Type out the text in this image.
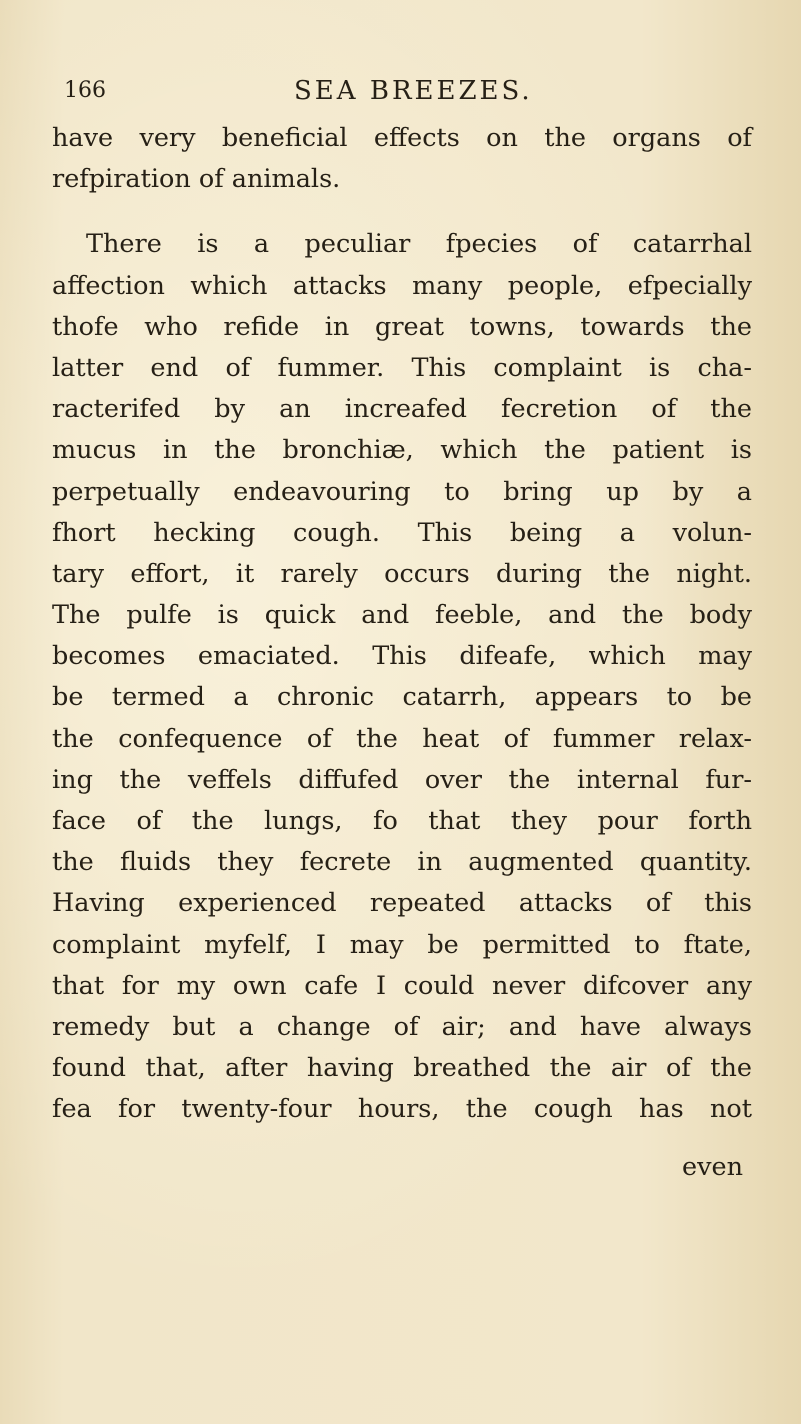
166	SEA BREEZES.
have very beneficial effects on the organs of
refpiration of animals.
There is a peculiar fpecies of catarrhal
affection which attacks many people, efpecially
thofe who refide in great towns, towards the
latter end of fummer. This complaint is cha-
racterifed by an increafed fecretion of the
mucus in the bronchiæ, which the patient is
perpetually endeavouring to bring up by a
fhort hecking cough. This being a volun-
tary effort, it rarely occurs during the night.
The pulfe is quick and feeble, and the body
becomes emaciated. This difeafe, which may
be termed a chronic catarrh, appears to be
the confequence of the heat of fummer relax-
ing the veffels diffufed over the internal fur-
face of the lungs, fo that they pour forth
the fluids they fecrete in augmented quantity.
Having experienced repeated attacks of this
complaint myfelf, I may be permitted to ftate,
that for my own cafe I could never difcover any
remedy but a change of air; and have always
found that, after having breathed the air of the
fea for twenty-four hours, the cough has not
even
